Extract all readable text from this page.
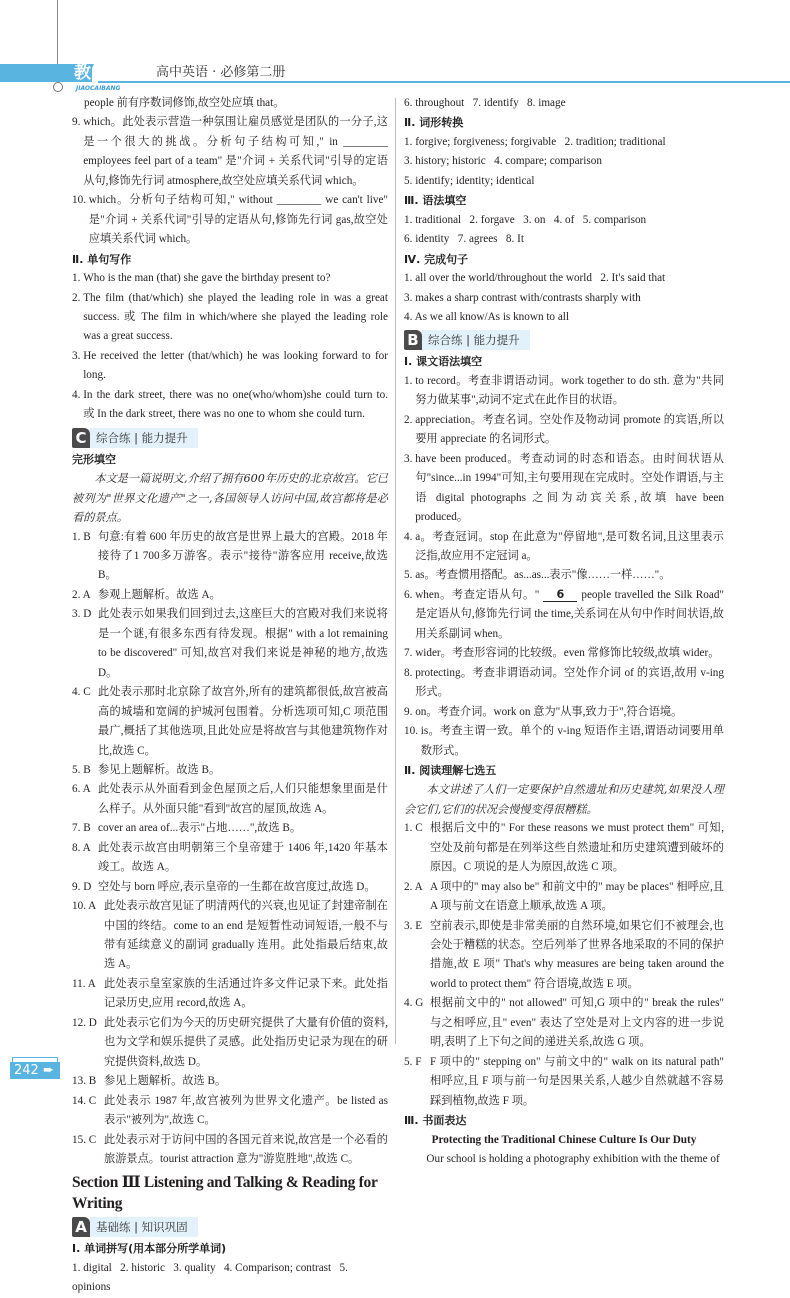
教材帮
JIAOCAIBANG
高中英语 · 必修第二册
people 前有序数词修饰,故空处应填 that。
9. which。此处表示营造一种氛围让雇员感觉是团队的一分子,这是一个很大的挑战。分析句子结构可知," in ________ employees feel part of a team" 是"介词 + 关系代词"引导的定语从句,修饰先行词 atmosphere,故空处应填关系代词 which。
10. which。分析句子结构可知," without ________ we can't live" 是"介词 + 关系代词"引导的定语从句,修饰先行词 gas,故空处应填关系代词 which。
Ⅱ. 单句写作
1. Who is the man (that) she gave the birthday present to?
2. The film (that/which) she played the leading role in was a great success. 或 The film in which/where she played the leading role was a great success.
3. He received the letter (that/which) he was looking forward to for long.
4. In the dark street, there was no one(who/whom)she could turn to. 或 In the dark street, there was no one to whom she could turn.
C 综合练 | 能力提升
完形填空
本文是一篇说明文,介绍了拥有600年历史的北京故宫。它已被列为"世界文化遗产"之一,各国领导人访问中国,故宫都将是必看的景点。
1. B 句意:有着 600 年历史的故宫是世界上最大的宫殿。2018 年接待了1 700多万游客。表示"接待"游客应用 receive,故选 B。
2. A 参观上题解析。故选 A。
3. D 此处表示如果我们回到过去,这座巨大的宫殿对我们来说将是一个谜,有很多东西有待发现。根据" with a lot remaining to be discovered" 可知,故宫对我们来说是神秘的地方,故选 D。
4. C 此处表示那时北京除了故宫外,所有的建筑都很低,故宫被高高的城墙和宽阔的护城河包围着。分析选项可知,C 项范围最广,概括了其他选项,且此处应是将故宫与其他建筑物作对比,故选 C。
5. B 参见上题解析。故选 B。
6. A 此处表示从外面看到金色屋顶之后,人们只能想象里面是什么样子。从外面只能"看到"故宫的屋顶,故选 A。
7. B cover an area of...表示"占地……",故选 B。
8. A 此处表示故宫由明朝第三个皇帝建于 1406 年,1420 年基本竣工。故选 A。
9. D 空处与 born 呼应,表示皇帝的一生都在故宫度过,故选 D。
10. A 此处表示故宫见证了明清两代的兴衰,也见证了封建帝制在中国的终结。come to an end 是短暂性动词短语,一般不与带有延续意义的副词 gradually 连用。此处指最后结束,故选 A。
11. A 此处表示皇室家族的生活通过许多文件记录下来。此处指记录历史,应用 record,故选 A。
12. D 此处表示它们为今天的历史研究提供了大量有价值的资料,也为文学和娱乐提供了灵感。此处指历史记录为现在的研究提供资料,故选 D。
13. B 参见上题解析。故选 B。
14. C 此处表示 1987 年,故宫被列为世界文化遗产。be listed as 表示"被列为",故选 C。
15. C 此处表示对于访问中国的各国元首来说,故宫是一个必看的旅游景点。tourist attraction 意为"游览胜地",故选 C。
Section Ⅲ Listening and Talking & Reading for Writing
A 基础练 | 知识巩固
Ⅰ. 单词拼写(用本部分所学单词)
1. digital   2. historic   3. quality   4. Comparison; contrast   5. opinions
6. throughout   7. identify   8. image
Ⅱ. 词形转换
1. forgive; forgiveness; forgivable   2. tradition; traditional
3. history; historic   4. compare; comparison
5. identify; identity; identical
Ⅲ. 语法填空
1. traditional   2. forgave   3. on   4. of   5. comparison
6. identity   7. agrees   8. It
Ⅳ. 完成句子
1. all over the world/throughout the world   2. It's said that
3. makes a sharp contrast with/contrasts sharply with
4. As we all know/As is known to all
B 综合练 | 能力提升
Ⅰ. 课文语法填空
1. to record。考查非谓语动词。work together to do sth. 意为"共同努力做某事",动词不定式在此作目的状语。
2. appreciation。考查名词。空处作及物动词 promote 的宾语,所以要用 appreciate 的名词形式。
3. have been produced。考查动词的时态和语态。由时间状语从句"since...in 1994"可知,主句要用现在完成时。空处作谓语,与主语 digital photographs 之间为动宾关系,故填 have been produced。
4. a。考查冠词。stop 在此意为"停留地",是可数名词,且这里表示泛指,故应用不定冠词 a。
5. as。考查惯用搭配。as...as...表示"像……一样……"。
6. when。考查定语从句。" 6 people travelled the Silk Road" 是定语从句,修饰先行词 the time,关系词在从句中作时间状语,故用关系副词 when。
7. wider。考查形容词的比较级。even 常修饰比较级,故填 wider。
8. protecting。考查非谓语动词。空处作介词 of 的宾语,故用 v-ing 形式。
9. on。考查介词。work on 意为"从事,致力于",符合语境。
10. is。考查主谓一致。单个的 v-ing 短语作主语,谓语动词要用单数形式。
Ⅱ. 阅读理解七选五
本文讲述了人们一定要保护自然遗址和历史建筑,如果没人理会它们,它们的状况会慢慢变得很糟糕。
1. C 根据后文中的" For these reasons we must protect them" 可知,空处及前句都是在列举这些自然遗址和历史建筑遭到破坏的原因。C 项说的是人为原因,故选 C 项。
2. A A 项中的" may also be" 和前文中的" may be places" 相呼应,且 A 项与前文在语意上顺承,故选 A 项。
3. E 空前表示,即使是非常美丽的自然环境,如果它们不被理会,也会处于糟糕的状态。空后列举了世界各地采取的不同的保护措施,故 E 项" That's why measures are being taken around the world to protect them" 符合语境,故选 E 项。
4. G 根据前文中的" not allowed" 可知,G 项中的" break the rules" 与之相呼应,且" even" 表达了空处是对上文内容的进一步说明,表明了上下句之间的递进关系,故选 G 项。
5. F F 项中的" stepping on" 与前文中的" walk on its natural path" 相呼应,且 F 项与前一句是因果关系,人越少自然就越不容易踩到植物,故选 F 项。
Ⅲ. 书面表达
Protecting the Traditional Chinese Culture Is Our Duty
Our school is holding a photography exhibition with the theme of
242 ➨
